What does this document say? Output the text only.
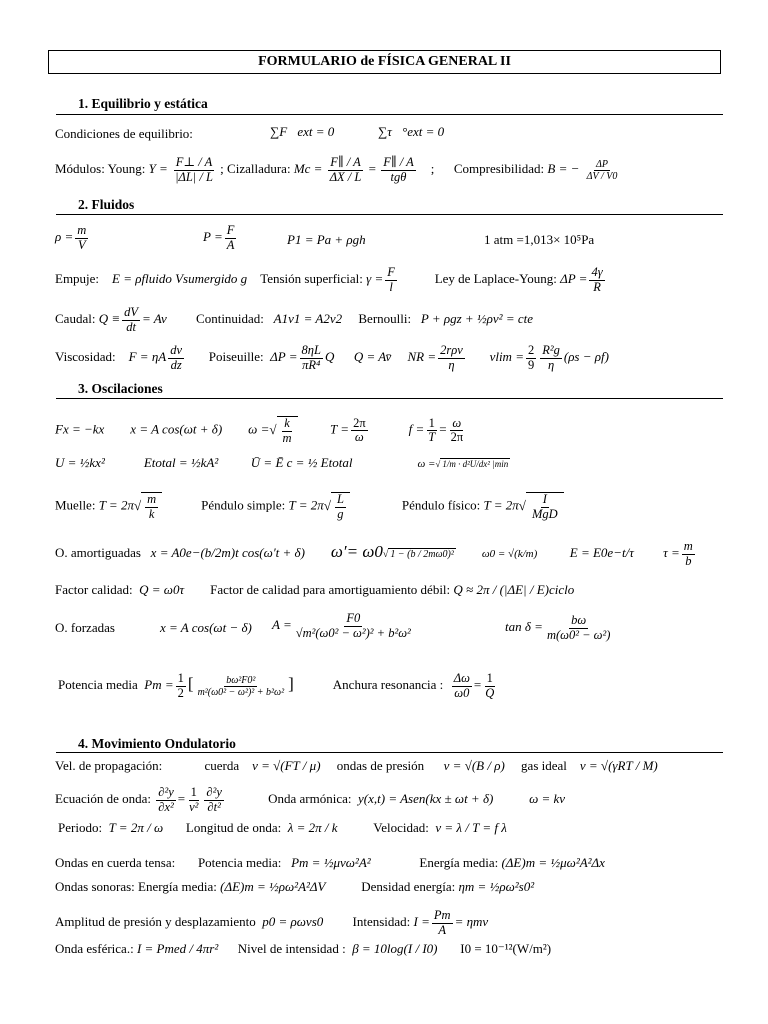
FORMULARIO de FÍSICA GENERAL II
1. Equilibrio y estática
Condiciones de equilibrio:	∑F⃗ext = 0	∑τ⃗°ext = 0
Módulos: Young: $Y = \frac{F\perp / A}{|\Delta L| / L}$ ; Cizalladura: $Mc = \frac{F\parallel / A}{\Delta X / L} = \frac{F\parallel / A}{\text{tgθ}}$ ; Compresibilidad: B = − $\frac{\Delta P}{\Delta V / V0}$
2. Fluidos
$\rho = \frac{m}{V}$	$P = \frac{F}{A}$	P1 = Pa + ρgh	1 atm =1,013× 10⁵Pa
Empuje: E = ρfluido Vsumergido g Tensión superficial: $\gamma = \frac{F}{l}$	Ley de Laplace-Young: $\Delta P = \frac{4\gamma}{R}$
Caudal: $Q \equiv \frac{dV}{dt} = Av$ Continuidad: A1v1 = A2v2 Bernoulli: P + ρgz + ½ρv² = cte
Viscosidad: F = ηA $\frac{dv}{dz}$ Poiseuille: $\Delta P = \frac{8\eta L}{\text{πR⁴}}$ Q Q = Av̄ NR = $\frac{\text{2rρv}}{\eta}$ $vlim = \frac{2}{9} \frac{\text{R²g}}{\eta} (\rho s - \rho f)$
3. Oscilaciones
Fx = −kx x = A cos(ωt + δ) ω =√ $\frac{k}{m}$	$T = \frac{2\pi}{\omega}$	$f = \frac{1}{T} = \frac{\omega}{2\pi}$
U = ½kx²	Etotal = ½kA²	Ū = Ē c = ½ Etotal	ω =√ 1/m · d²U/dx² |min
Muelle: $T = 2\pi√ \frac{m}{k}$	Péndulo simple: $T = 2\pi√ \frac{L}{g}$	Péndulo físico: $T = 2\pi√ \frac{I}{\text{MgD}}$
O. amortiguadas x = A0e−(b/2m)t cos(ω′t + δ) ω′= ω0√ 1 − (b / 2mω0)²	ω0 = √(k/m)	E = E0e−t/τ $\tau = \frac{m}{b}$
Factor calidad: Q = ω0τ Factor de calidad para amortiguamiento débil: Q ≈ 2π / (|ΔE| / E)ciclo
O. forzadas	x = A cos(ωt − δ) $A = \frac{F0}{\text{√m²(ω0² − ω²)² + b²ω²}}$	$\tan \delta = \frac{b\omega}{\text{m(ω0² − ω²)}}$
Potencia media $Pm = \frac{1}{2}$ [ $\frac{\text{bω²F0²}}{\text{m²(ω0² − ω²)² + b²ω²}}$ ]	Anchura resonancia : $\frac{\Delta\omega}{\omega 0} = \frac{1}{Q}$
4. Movimiento Ondulatorio
Vel. de propagación:	cuerda v = √(FT / μ) ondas de presión v = √(B / ρ) gas ideal v = √(γRT / M)
Ecuación de onda: $\frac{\text{∂²y}}{\text{∂x²}} = \frac{1}{\text{v²}} \frac{\text{∂²y}}{\text{∂t²}}$	Onda armónica: y(x,t) = Asen(kx ± ωt + δ)	ω = kv
Periodo: T = 2π / ω Longitud de onda: λ = 2π / k	Velocidad: v = λ / T = f λ
Ondas en cuerda tensa: Potencia media: Pm = ½μvω²A²	Energía media: (ΔE)m = ½μω²A²Δx
Ondas sonoras: Energía media: (ΔE)m = ½ρω²A²ΔV	Densidad energía: ηm = ½ρω²s0²
Amplitud de presión y desplazamiento p0 = ρωvs0 Intensidad: $I = \frac{Pm}{A} = \eta mv$
Onda esférica.: I = Pmed / 4πr² Nivel de intensidad : β = 10log(I / I0) I0 = 10⁻¹²(W/m²)
